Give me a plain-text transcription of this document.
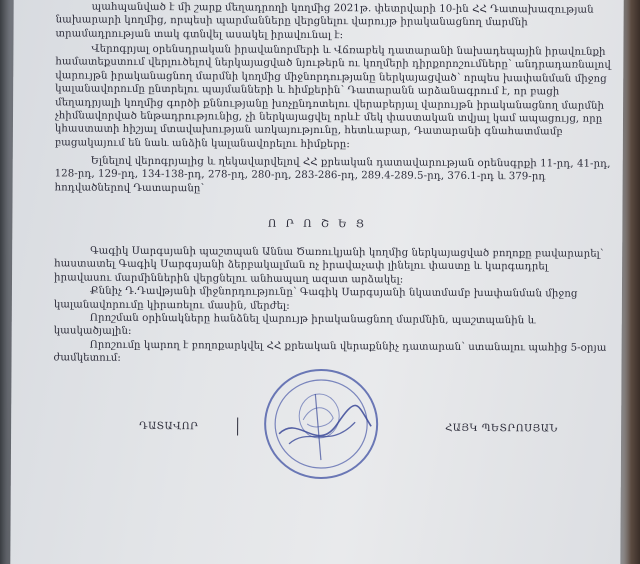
պահպանված է մի շարք մեղադրողի կողմից 2021թ. փետրվարի 10-ին ՀՀ Դատախազության

նախարարի կողմից, որպեսի պարմանները վերցնելու վարույթ իրականացնող մարմնի

տրամադրության տակ գտնվել ասակել իրավունալ է:

Վերոգրյալ օրենսդրական իրավանորմերի և Վճռաբեկ դատարանի նախադեպային իրավունքի

համատեքստում վերլուծելով ներկայացված նյութերն ու կողմերի դիրքորոշումները՝ անդրադառնալով

վարույթն իրականացնող մարմնի կողմից միջնորդությանը ներկայացված՝ որպես խափանման միջոց

կալանավորումը ընտրելու պայմանների և հիմքերին՝ Դատարանն արձանագրում է, որ բացի

մեղադրյալի կողմից գործի քննությանը խոչընդոտելու վերաբերյալ վարույթն իրականացնող մարմնի

չհիմնավորված ենթադրությունից, չի ներկայացվել որևէ մեկ փաստական տվյալ կամ ապացույց, որը

կհաստատի հիշյալ մտավախության առկայությունը, հետևաբար, Դատարանի գնահատմամբ

բացակայում են նաև անձին կալանավորելու հիմքերը:

Ելնելով վերոգրյալից և ղեկավարվելով ՀՀ քրեական դատավարության օրենսգրքի 11-րդ, 41-րդ,

128-րդ, 129-րդ, 134-138-րդ, 278-րդ, 280-րդ, 283-286-րդ, 289.4-289.5-րդ, 376.1-րդ և 379-րդ

հոդվածներով Դատարանը՝

Ո Ր Ո Շ Ե Ց

Գագիկ Սարգսյանի պաշտպան Աննա Ծառուկյանի կողմից ներկայացված բողոքը բավարարել՝

հաստատել Գագիկ Սարգսյանի ձերբակալման ոչ իրավաչափ լինելու փաստը և կարգադրել

իրավասու մարմիններին վերցնելու անհապաղ ազատ արձակել:

Քննիչ Դ.Դավթյանի միջնորդությունը՝ Գագիկ Սարգսյանի նկատմամբ խափանման միջոց

կալանավորումը կիրառելու մասին, մերժել:

Որոշման օրինակները հանձնել վարույթ իրականացնող մարմնին, պաշտպանին և

կասկածյալին:

Որոշումը կարող է բողոքարկվել ՀՀ քրեական վերաքննիչ դատարան՝ ստանալու պահից 5-օրյա

ժամկետում:

ԴԱՏԱՎՈՐ	ՀԱՅԿ ՊԵՏՐՈՍՅԱՆ
